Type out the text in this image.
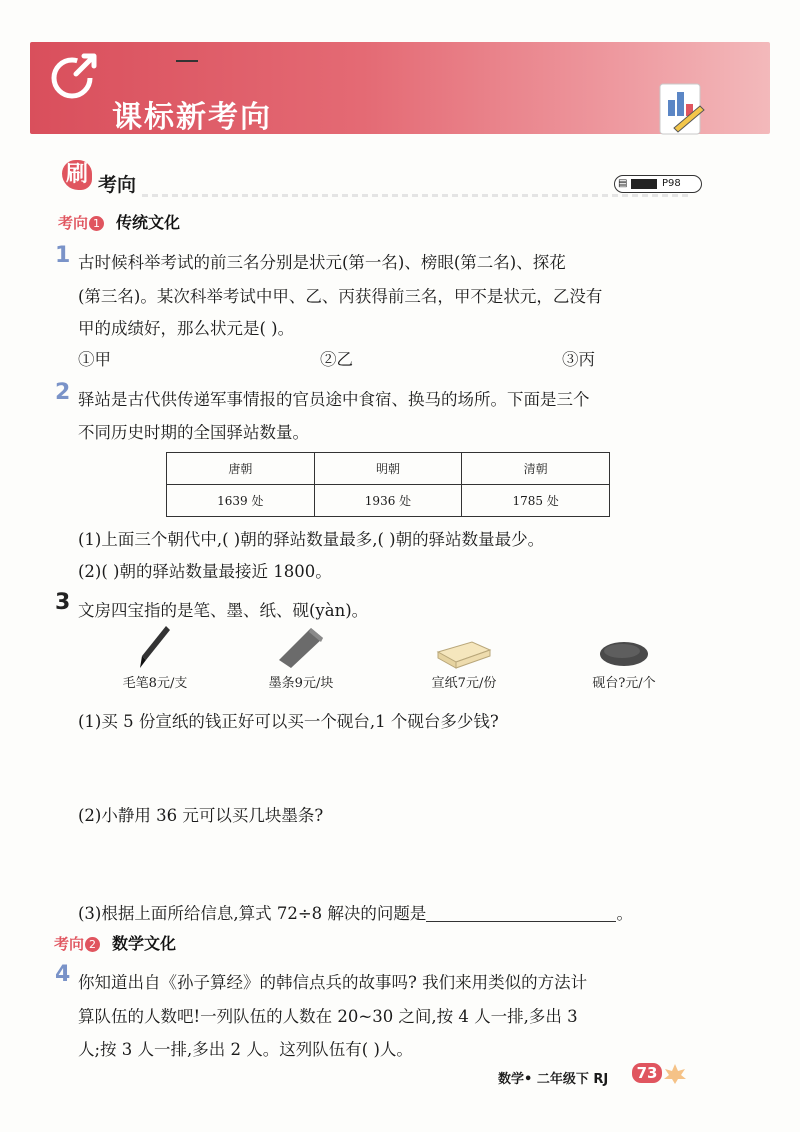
课标新考向
刷 考向	▤	P98
考向 1 传统文化
1 古时候科举考试的前三名分别是状元(第一名)、榜眼(第二名)、探花
(第三名)。某次科举考试中甲、乙、丙获得前三名，甲不是状元，乙没有
甲的成绩好，那么状元是( )。
①甲	②乙	③丙
2 驿站是古代供传递军事情报的官员途中食宿、换马的场所。下面是三个
不同历史时期的全国驿站数量。
唐朝	明朝	清朝
1639 处	1936 处	1785 处
(1)上面三个朝代中,( )朝的驿站数量最多,( )朝的驿站数量最少。
(2)( )朝的驿站数量最接近 1800。
3 文房四宝指的是笔、墨、纸、砚(yàn)。
毛笔8元/支	墨条9元/块	宣纸7元/份	砚台?元/个
(1)买 5 份宣纸的钱正好可以买一个砚台,1 个砚台多少钱?
(2)小静用 36 元可以买几块墨条?
(3)根据上面所给信息,算式 72÷8 解决的问题是	。
考向 2 数学文化
4 你知道出自《孙子算经》的韩信点兵的故事吗? 我们来用类似的方法计
算队伍的人数吧!一列队伍的人数在 20~30 之间,按 4 人一排,多出 3
人;按 3 人一排,多出 2 人。这列队伍有( )人。
数学• 二年级下 RJ	73
